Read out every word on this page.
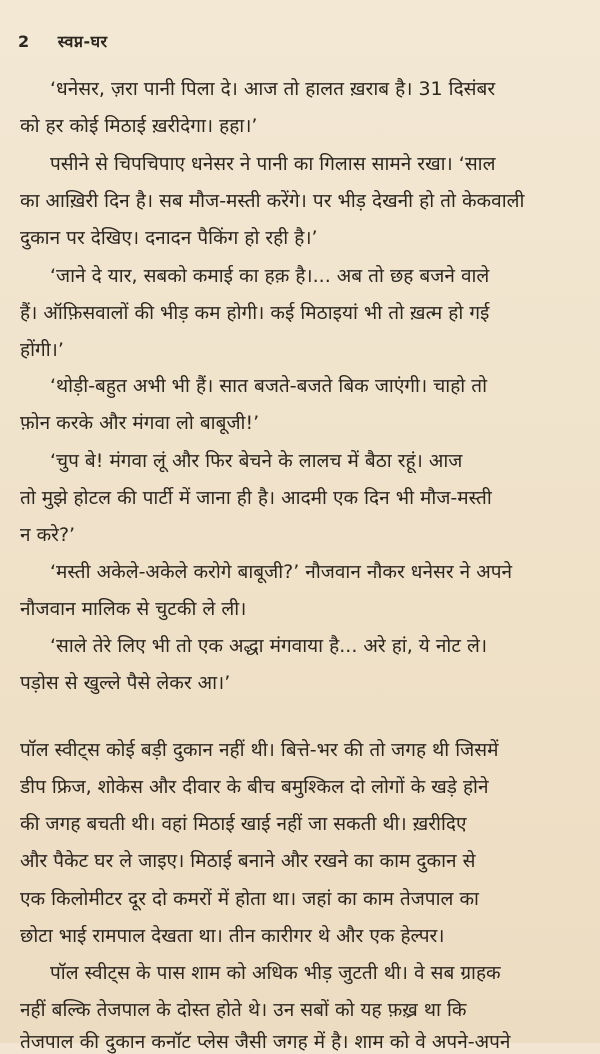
2 स्वप्न-घर
‘धनेसर, ज़रा पानी पिला दे। आज तो हालत ख़राब है। 31 दिसंबर
को हर कोई मिठाई ख़रीदेगा। हहा।’
पसीने से चिपचिपाए धनेसर ने पानी का गिलास सामने रखा। ‘साल
का आख़िरी दिन है। सब मौज-मस्ती करेंगे। पर भीड़ देखनी हो तो केकवाली
दुकान पर देखिए। दनादन पैकिंग हो रही है।’
‘जाने दे यार, सबको कमाई का हक़ है।... अब तो छह बजने वाले
हैं। ऑफ़िसवालों की भीड़ कम होगी। कई मिठाइयां भी तो ख़त्म हो गई
होंगी।’
‘थोड़ी-बहुत अभी भी हैं। सात बजते-बजते बिक जाएंगी। चाहो तो
फ़ोन करके और मंगवा लो बाबूजी!’
‘चुप बे! मंगवा लूं और फिर बेचने के लालच में बैठा रहूं। आज
तो मुझे होटल की पार्टी में जाना ही है। आदमी एक दिन भी मौज-मस्ती
न करे?’
‘मस्ती अकेले-अकेले करोगे बाबूजी?’ नौजवान नौकर धनेसर ने अपने
नौजवान मालिक से चुटकी ले ली।
‘साले तेरे लिए भी तो एक अद्धा मंगवाया है... अरे हां, ये नोट ले।
पड़ोस से खुल्ले पैसे लेकर आ।’
पॉल स्वीट्स कोई बड़ी दुकान नहीं थी। बित्ते-भर की तो जगह थी जिसमें
डीप फ्रिज, शोकेस और दीवार के बीच बमुश्किल दो लोगों के खड़े होने
की जगह बचती थी। वहां मिठाई खाई नहीं जा सकती थी। ख़रीदिए
और पैकेट घर ले जाइए। मिठाई बनाने और रखने का काम दुकान से
एक किलोमीटर दूर दो कमरों में होता था। जहां का काम तेजपाल का
छोटा भाई रामपाल देखता था। तीन कारीगर थे और एक हेल्पर।
पॉल स्वीट्स के पास शाम को अधिक भीड़ जुटती थी। वे सब ग्राहक
नहीं बल्कि तेजपाल के दोस्त होते थे। उन सबों को यह फ़ख़्र था कि
तेजपाल की दुकान कनॉट प्लेस जैसी जगह में है। शाम को वे अपने-अपने
